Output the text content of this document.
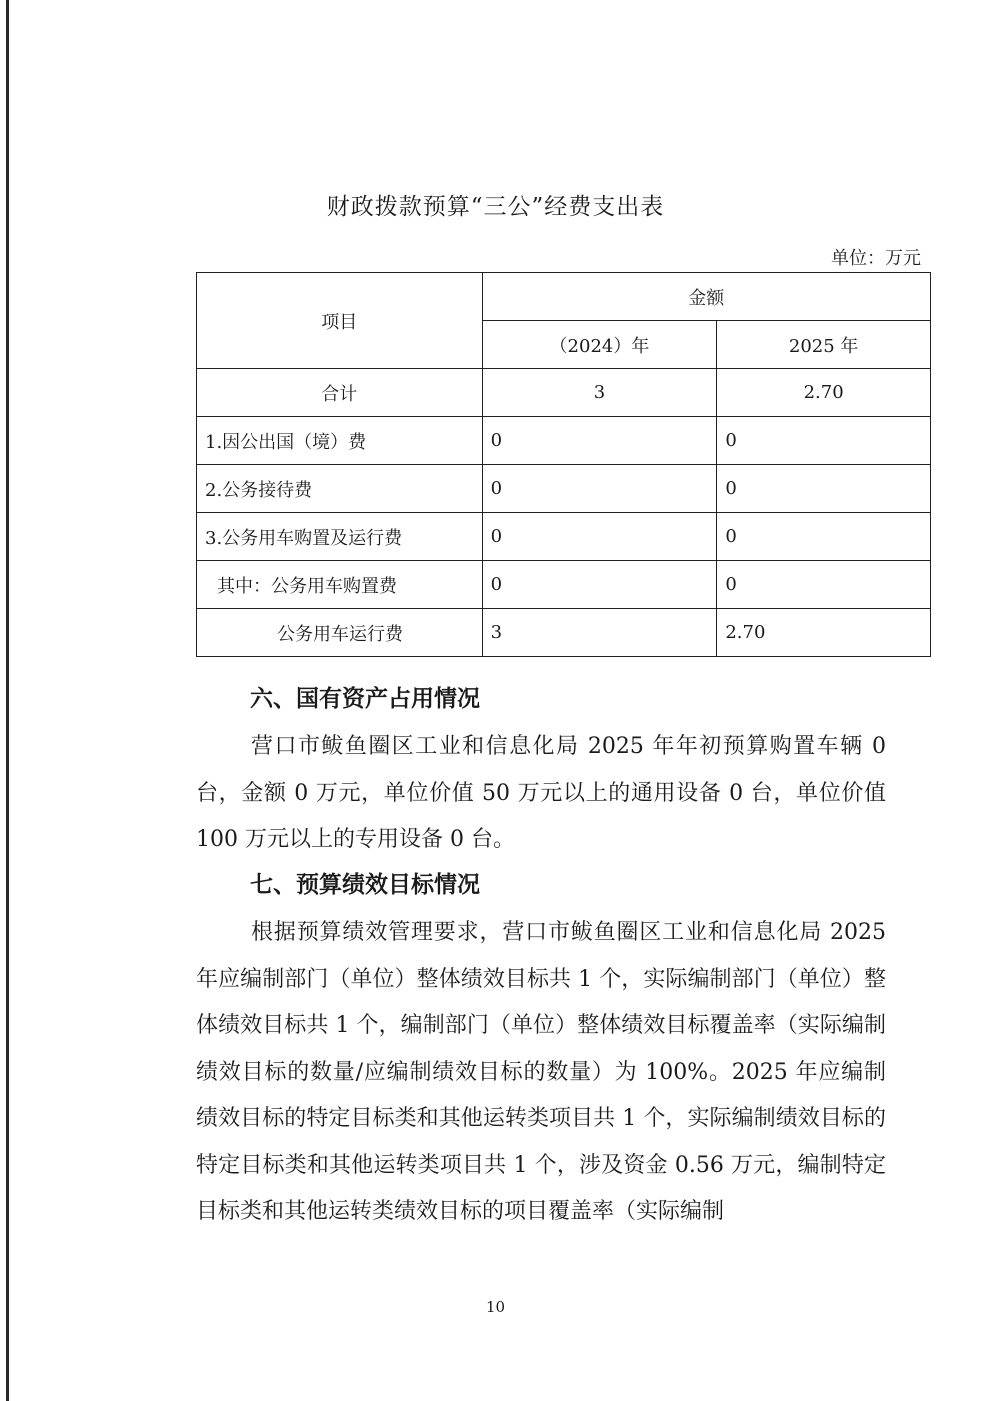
财政拨款预算“三公”经费支出表
单位：万元
项目	金额	
	（2024）年	2025 年
合计	3	2.70
1.因公出国（境）费	0	0
2.公务接待费	0	0
3.公务用车购置及运行费	0	0
其中：公务用车购置费	0	0
公务用车运行费	3	2.70
六、国有资产占用情况
营口市鲅鱼圈区工业和信息化局 2025 年年初预算购置车辆 0 台，金额 0 万元，单位价值 50 万元以上的通用设备 0 台，单位价值 100 万元以上的专用设备 0 台。
七、预算绩效目标情况
根据预算绩效管理要求，营口市鲅鱼圈区工业和信息化局 2025 年应编制部门（单位）整体绩效目标共 1 个，实际编制部门（单位）整体绩效目标共 1 个，编制部门（单位）整体绩效目标覆盖率（实际编制绩效目标的数量/应编制绩效目标的数量）为 100%。2025 年应编制绩效目标的特定目标类和其他运转类项目共 1 个，实际编制绩效目标的特定目标类和其他运转类项目共 1 个，涉及资金 0.56 万元，编制特定目标类和其他运转类绩效目标的项目覆盖率（实际编制
10
